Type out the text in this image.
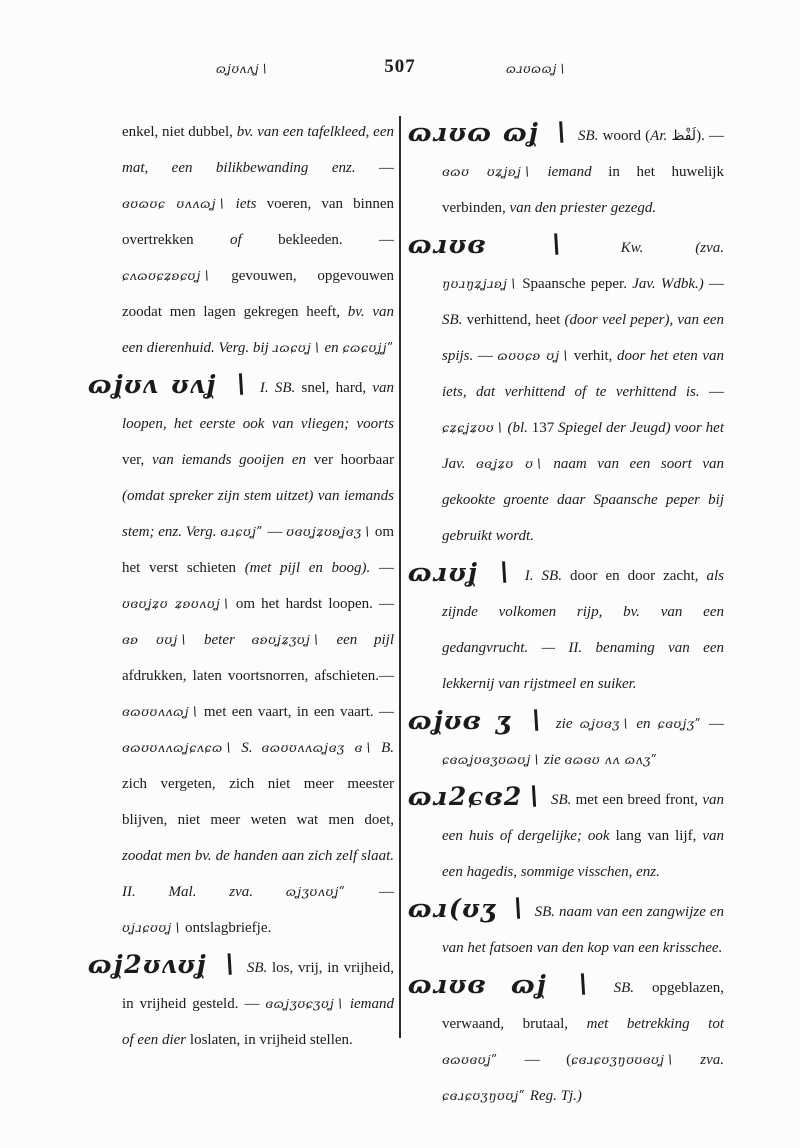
ɷʝʊʌʌʝ∖	507	ɷɹʊɷɷʝ∖

enkel, niet dubbel, bv. van een tafelkleed, een mat, een bilikbewanding enz. — ɞʊɷʊɕ ʊʌʌɷʝ∖ iets voeren, van binnen overtrekken of bekleeden. — ɕʌɷʊɕʑʚɕʊʝ∖ gevouwen, opgevouwen zoodat men lagen gekregen heeft, bv. van een dierenhuid. Verg. bij ɹɷɕʊʝ∖ en ɕɷɕʊʝʝʺ

ɷʝʊʌ ʊʌʝ ∖ I. SB. snel, hard, van loopen, het eerste ook van vliegen; voorts ver, van iemands gooijen en ver hoorbaar (omdat spreker zijn stem uitzet) van iemands stem; enz. Verg. ɞɹɕʊʝʺ — ʊɞʊʝʑʊʚʝɞʒ∖ om het verst schieten (met pijl en boog). — ʊɞʊʝʑʊ ʑʚʊʌʊʝ∖ om het hardst loopen. — ɞʚ ʊʊʝ∖ beter ɞʚʊʝʑʒʊʝ∖ een pijl afdrukken, laten voortsnorren, afschieten.— ɞɷʊʊʌʌɷʝ∖ met een vaart, in een vaart. — ɞɷʊʊʌʌɷʝɕʌɕɷ∖ S. ɞɷʊʊʌʌɷʝɞʒ ɞ∖ B. zich vergeten, zich niet meer meester blijven, niet meer weten wat men doet, zoodat men bv. de handen aan zich zelf slaat. II. Mal. zva. ɷʝʒʊʌʊʝʺ — ʊʝɹɕʊʊʝ∖ ontslagbriefje.

ɷʝ2ʊʌʊʝ ∖ SB. los, vrij, in vrijheid, in vrijheid gesteld. — ɞɷʝʒʊɕʒʊʝ∖ iemand of een dier loslaten, in vrijheid stellen.

ɷɹʊɷ ɷʝ ∖ SB. woord (Ar. لَفْظ). — ɞɷʊ ʊʑʝʚʝ∖ iemand in het huwelijk verbinden, van den priester gezegd.

ɷɹʊɞ ∖ Kw. (zva. ŋʊɹŋʑʝɹʚʝ∖ Spaansche peper. Jav. Wdbk.) — SB. verhittend, heet (door veel peper), van een spijs. — ɷʊʊɕʚ ʊʝ∖ verhit, door het eten van iets, dat verhittend of te verhittend is. — ɕʑɕʝʑʊʊ∖ (bl. 137 Spiegel der Jeugd) voor het Jav. ɞɞʝʑʊ ʊ∖ naam van een soort van gekookte groente daar Spaansche peper bij gebruikt wordt.

ɷɹʊʝ ∖ I. SB. door en door zacht, als zijnde volkomen rijp, bv. van een gedangvrucht. — II. benaming van een lekkernij van rijstmeel en suiker.

ɷʝʊɞ ʒ ∖ zie ɷʝʊɞʒ∖ en ɕɞʊʝʒʺ — ɕɞɷʝʊɞʒʊɷʊʝ∖ zie ɞɷɞʊ ʌʌ ɷʌʒʺ

ɷɹ2ɕɞ2∖ SB. met een breed front, van een huis of dergelijke; ook lang van lijf, van een hagedis, sommige visschen, enz.

ɷɹ(ʊʒ ∖ SB. naam van een zangwijze en van het fatsoen van den kop van een krisschee.

ɷɹʊɞ ɷʝ ∖ SB. opgeblazen, verwaand, brutaal, met betrekking tot ɞɷʊɞʊʝʺ — (ɕɞɹɕʊʒŋʊʊɞʊʝ∖ zva. ɕɞɹɕʊʒŋʊʊʝʺ Reg. Tj.)
